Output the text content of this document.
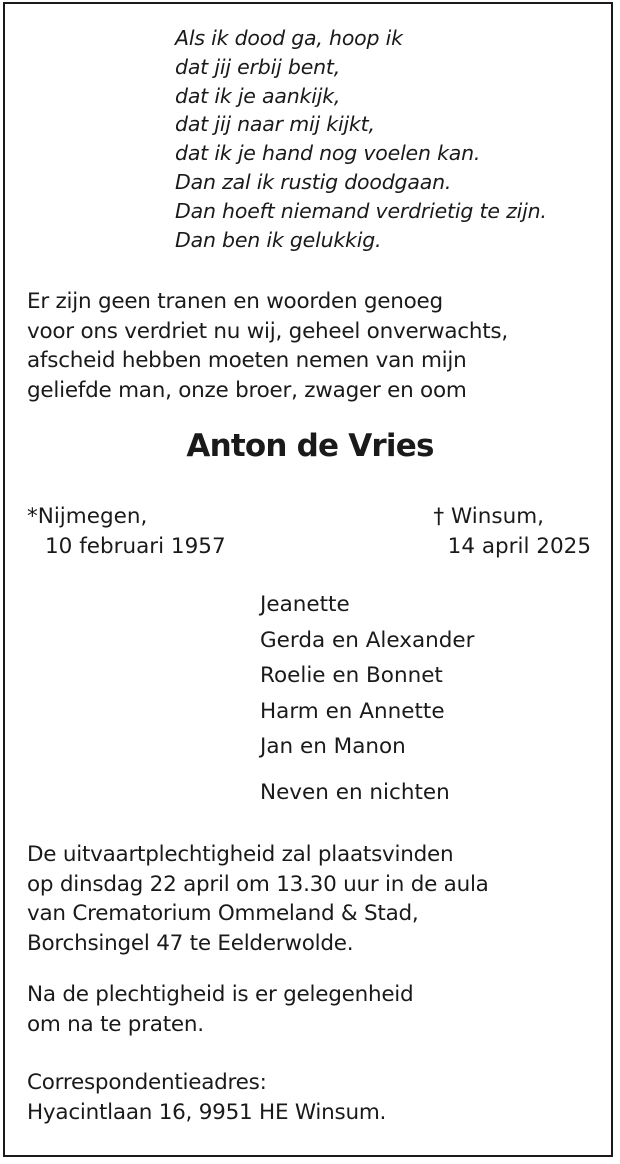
Als ik dood ga, hoop ik
dat jij erbij bent,
dat ik je aankijk,
dat jij naar mij kijkt,
dat ik je hand nog voelen kan.
Dan zal ik rustig doodgaan.
Dan hoeft niemand verdrietig te zijn.
Dan ben ik gelukkig.
Er zijn geen tranen en woorden genoeg
voor ons verdriet nu wij, geheel onverwachts,
afscheid hebben moeten nemen van mijn
geliefde man, onze broer, zwager en oom
Anton de Vries
*Nijmegen,
10 februari 1957
† Winsum,
14 april 2025
Jeanette
Gerda en Alexander
Roelie en Bonnet
Harm en Annette
Jan en Manon
Neven en nichten
De uitvaartplechtigheid zal plaatsvinden
op dinsdag 22 april om 13.30 uur in de aula
van Crematorium Ommeland & Stad,
Borchsingel 47 te Eelderwolde.
Na de plechtigheid is er gelegenheid
om na te praten.
Correspondentieadres:
Hyacintlaan 16, 9951 HE Winsum.
